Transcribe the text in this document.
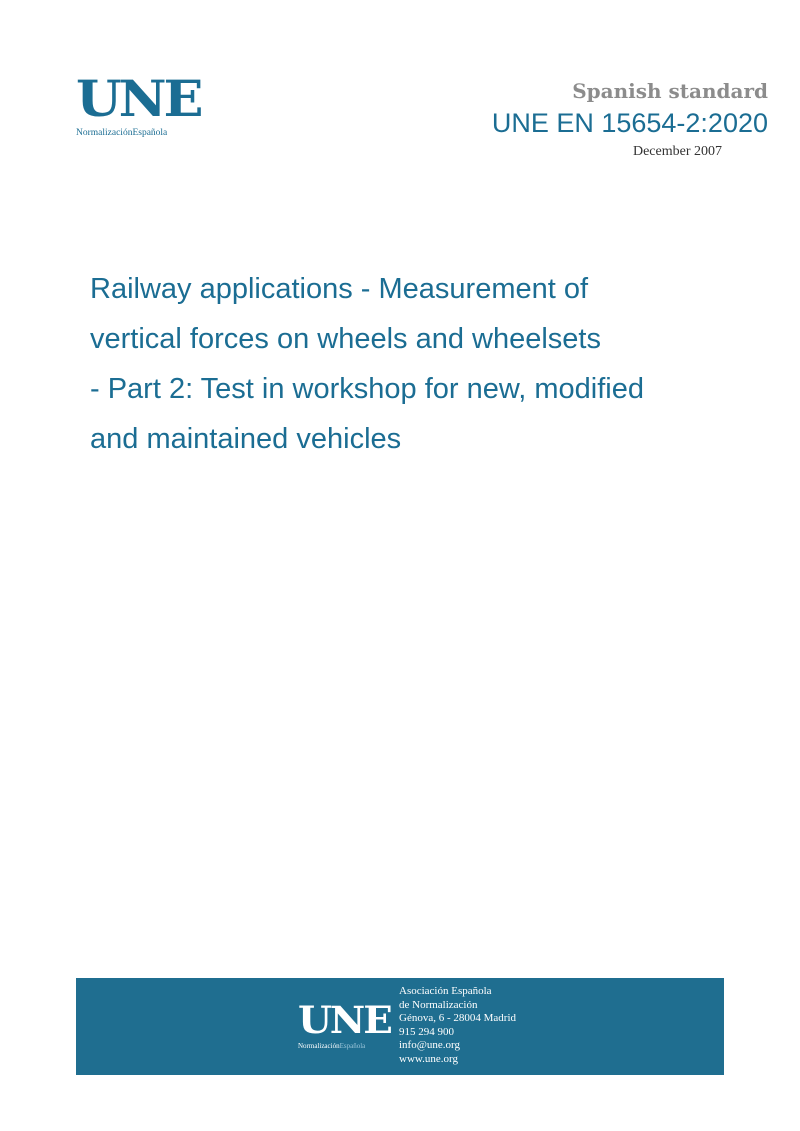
UNE
NormalizaciónEspañola
Spanish standard
UNE EN 15654-2:2020
December 2007
Railway applications - Measurement of
vertical forces on wheels and wheelsets
- Part 2: Test in workshop for new, modified
and maintained vehicles
UNE
NormalizaciónEspañola
Asociación Española
de Normalización
Génova, 6 - 28004 Madrid
915 294 900
info@une.org
www.une.org
